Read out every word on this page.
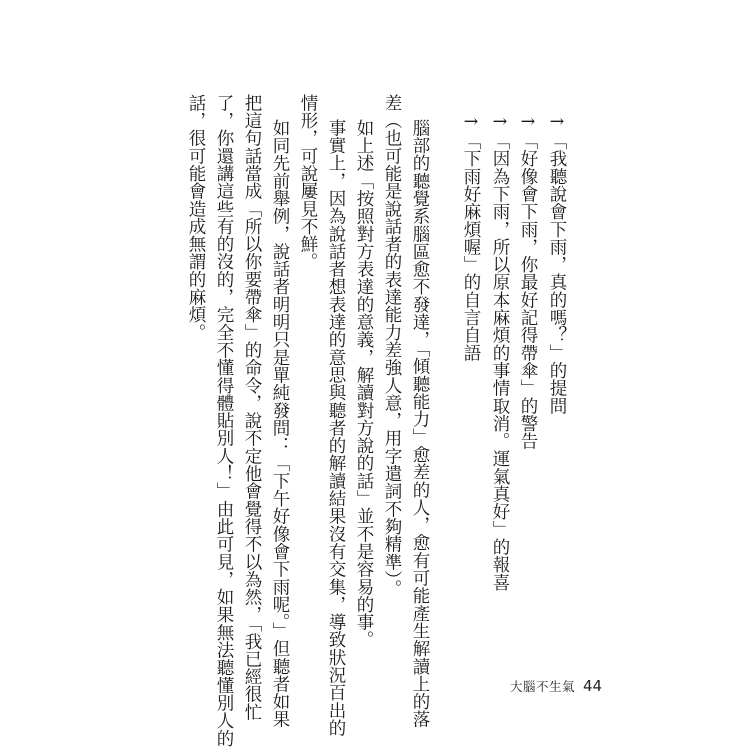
→「我聽說會下雨，真的嗎？」的提問
→「好像會下雨，你最好記得帶傘」的警告
→「因為下雨，所以原本麻煩的事情取消。運氣真好」的報喜
→「下雨好麻煩喔」的自言自語
腦部的聽覺系腦區愈不發達，「傾聽能力」愈差的人，愈有可能產生解讀上的落
差（也可能是說話者的表達能力差強人意，用字遣詞不夠精準）。
如上述「按照對方表達的意義，解讀對方說的話」並不是容易的事。
事實上，因為說話者想表達的意思與聽者的解讀結果沒有交集，導致狀況百出的
情形，可說屢見不鮮。
如同先前舉例，說話者明明只是單純發問：「下午好像會下雨呢。」但聽者如果
把這句話當成「所以你要帶傘」的命令，說不定他會覺得不以為然，「我已經很忙
了，你還講這些有的沒的，完全不懂得體貼別人！」由此可見，如果無法聽懂別人的
話，很可能會造成無謂的麻煩。
大腦不生氣 44
